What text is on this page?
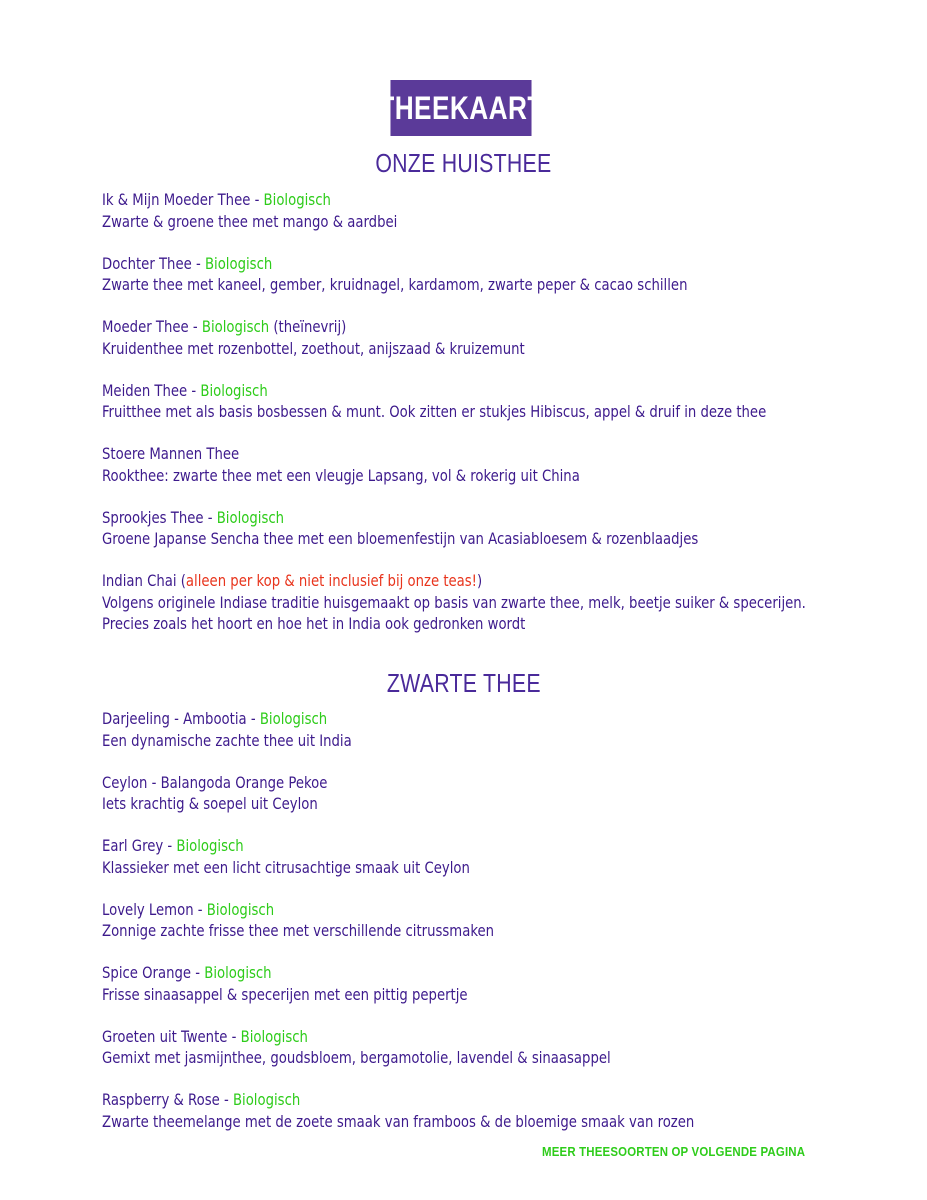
THEEKAART
ONZE HUISTHEE
Ik & Mijn Moeder Thee - Biologisch
Zwarte & groene thee met mango & aardbei
Dochter Thee - Biologisch
Zwarte thee met kaneel, gember, kruidnagel, kardamom, zwarte peper & cacao schillen
Moeder Thee - Biologisch (theïnevrij)
Kruidenthee met rozenbottel, zoethout, anijszaad & kruizemunt
Meiden Thee - Biologisch
Fruitthee met als basis bosbessen & munt. Ook zitten er stukjes Hibiscus, appel & druif in deze thee
Stoere Mannen Thee
Rookthee: zwarte thee met een vleugje Lapsang, vol & rokerig uit China
Sprookjes Thee - Biologisch
Groene Japanse Sencha thee met een bloemenfestijn van Acasiabloesem & rozenblaadjes
Indian Chai (alleen per kop & niet inclusief bij onze teas!)
Volgens originele Indiase traditie huisgemaakt op basis van zwarte thee, melk, beetje suiker & specerijen. Precies zoals het hoort en hoe het in India ook gedronken wordt
ZWARTE THEE
Darjeeling - Ambootia - Biologisch
Een dynamische zachte thee uit India
Ceylon - Balangoda Orange Pekoe
Iets krachtig & soepel uit Ceylon
Earl Grey - Biologisch
Klassieker met een licht citrusachtige smaak uit Ceylon
Lovely Lemon - Biologisch
Zonnige zachte frisse thee met verschillende citrussmaken
Spice Orange - Biologisch
Frisse sinaasappel & specerijen met een pittig pepertje
Groeten uit Twente - Biologisch
Gemixt met jasmijnthee, goudsbloem, bergamotolie, lavendel & sinaasappel
Raspberry & Rose - Biologisch
Zwarte theemelange met de zoete smaak van framboos & de bloemige smaak van rozen
MEER THEESOORTEN OP VOLGENDE PAGINA
